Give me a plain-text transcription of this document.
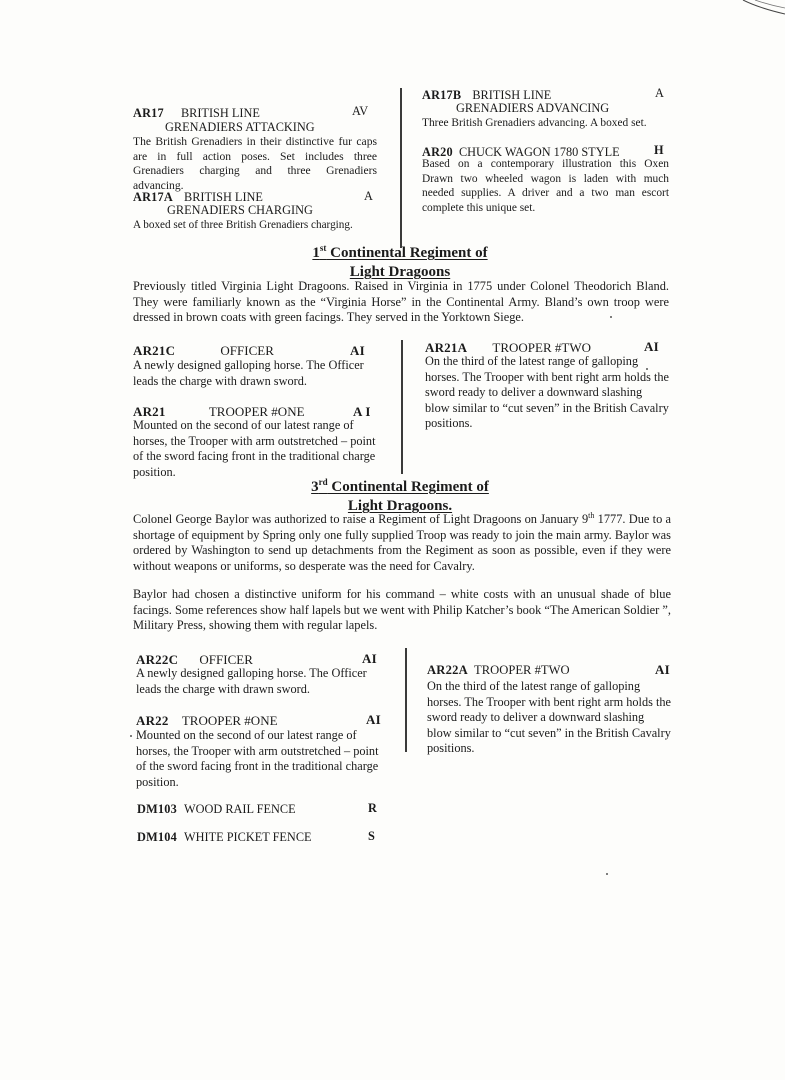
AR17 BRITISH LINE	AV
GRENADIERS ATTACKING

The British Grenadiers in their distinctive fur caps are in full action poses. Set includes three Grenadiers charging and three Grenadiers advancing.

AR17A BRITISH LINE	A
GRENADIERS CHARGING

A boxed set of three British Grenadiers charging.

AR17B BRITISH LINE	A
GRENADIERS ADVANCING

Three British Grenadiers advancing. A boxed set.

AR20 CHUCK WAGON 1780 STYLE	H

Based on a contemporary illustration this Oxen Drawn two wheeled wagon is laden with much needed supplies. A driver and a two man escort complete this unique set.

1st Continental Regiment of
Light Dragoons

Previously titled Virginia Light Dragoons. Raised in Virginia in 1775 under Colonel Theodorich Bland. They were familiarly known as the “Virginia Horse” in the Continental Army. Bland’s own troop were dressed in brown coats with green facings. They served in the Yorktown Siege.

AR21C	OFFICER	AI

A newly designed galloping horse. The Officer leads the charge with drawn sword.

AR21	TROOPER #ONE	A I

Mounted on the second of our latest range of horses, the Trooper with arm outstretched – point of the sword facing front in the traditional charge position.

AR21A TROOPER #TWO	AI

On the third of the latest range of galloping horses. The Trooper with bent right arm holds the sword ready to deliver a downward slashing blow similar to “cut seven” in the British Cavalry positions.

3rd Continental Regiment of
Light Dragoons.

Colonel George Baylor was authorized to raise a Regiment of Light Dragoons on January 9th 1777. Due to a shortage of equipment by Spring only one fully supplied Troop was ready to join the main army. Baylor was ordered by Washington to send up detachments from the Regiment as soon as possible, even if they were without weapons or uniforms, so desperate was the need for Cavalry.

Baylor had chosen a distinctive uniform for his command – white costs with an unusual shade of blue facings. Some references show half lapels but we went with Philip Katcher’s book “The American Soldier ”, Military Press, showing them with regular lapels.

AR22C OFFICER	AI

A newly designed galloping horse. The Officer leads the charge with drawn sword.

AR22 TROOPER #ONE	AI

Mounted on the second of our latest range of horses, the Trooper with arm outstretched – point of the sword facing front in the traditional charge position.

AR22A TROOPER #TWO	AI

On the third of the latest range of galloping horses. The Trooper with bent right arm holds the sword ready to deliver a downward slashing blow similar to “cut seven” in the British Cavalry positions.

DM103 WOOD RAIL FENCE	R
DM104 WHITE PICKET FENCE	S
